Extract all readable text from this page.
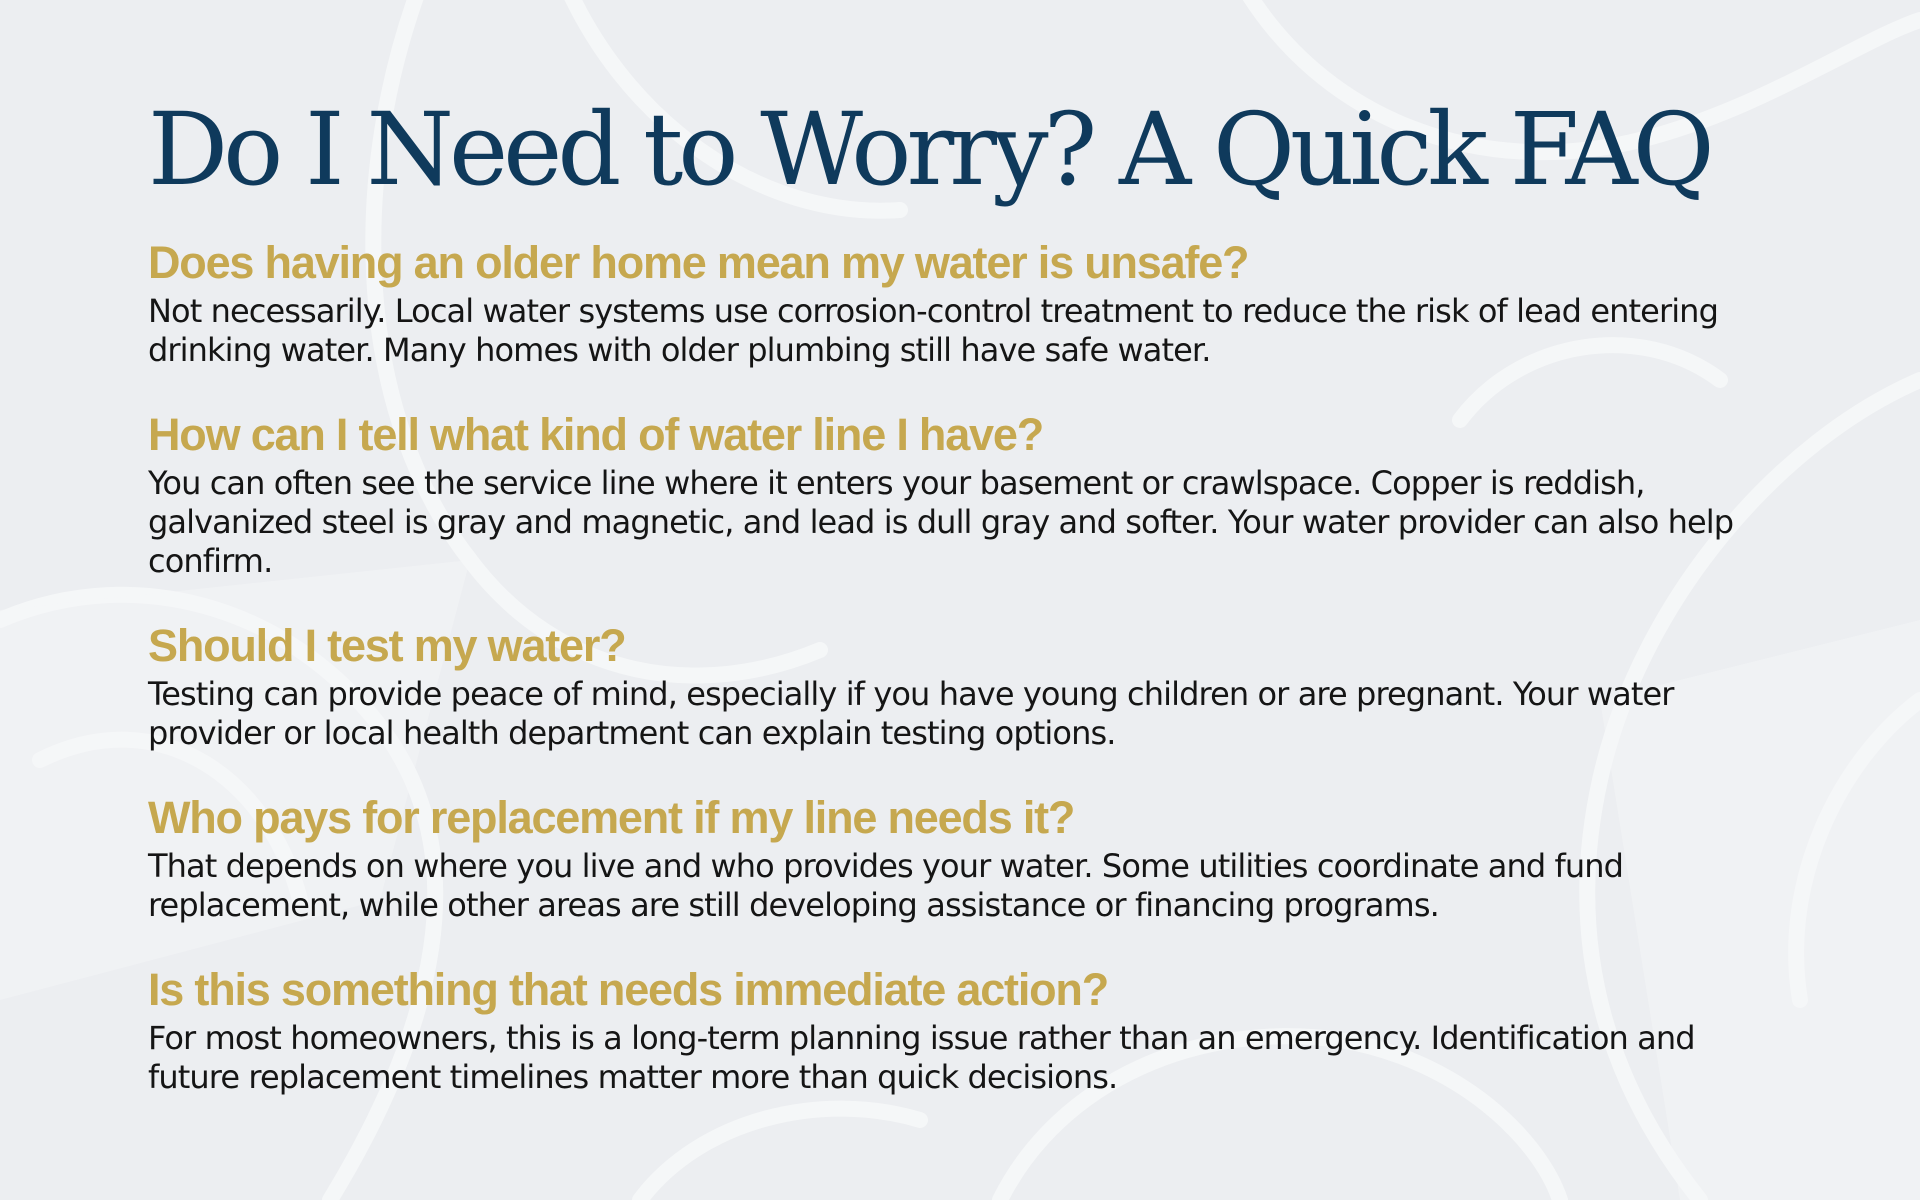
Do I Need to Worry? A Quick FAQ
Does having an older home mean my water is unsafe?

Not necessarily. Local water systems use corrosion-control treatment to reduce the risk of lead entering drinking water. Many homes with older plumbing still have safe water.

How can I tell what kind of water line I have?

You can often see the service line where it enters your basement or crawlspace. Copper is reddish, galvanized steel is gray and magnetic, and lead is dull gray and softer. Your water provider can also help confirm.

Should I test my water?

Testing can provide peace of mind, especially if you have young children or are pregnant. Your water provider or local health department can explain testing options.

Who pays for replacement if my line needs it?

That depends on where you live and who provides your water. Some utilities coordinate and fund replacement, while other areas are still developing assistance or financing programs.

Is this something that needs immediate action?

For most homeowners, this is a long-term planning issue rather than an emergency. Identification and future replacement timelines matter more than quick decisions.
